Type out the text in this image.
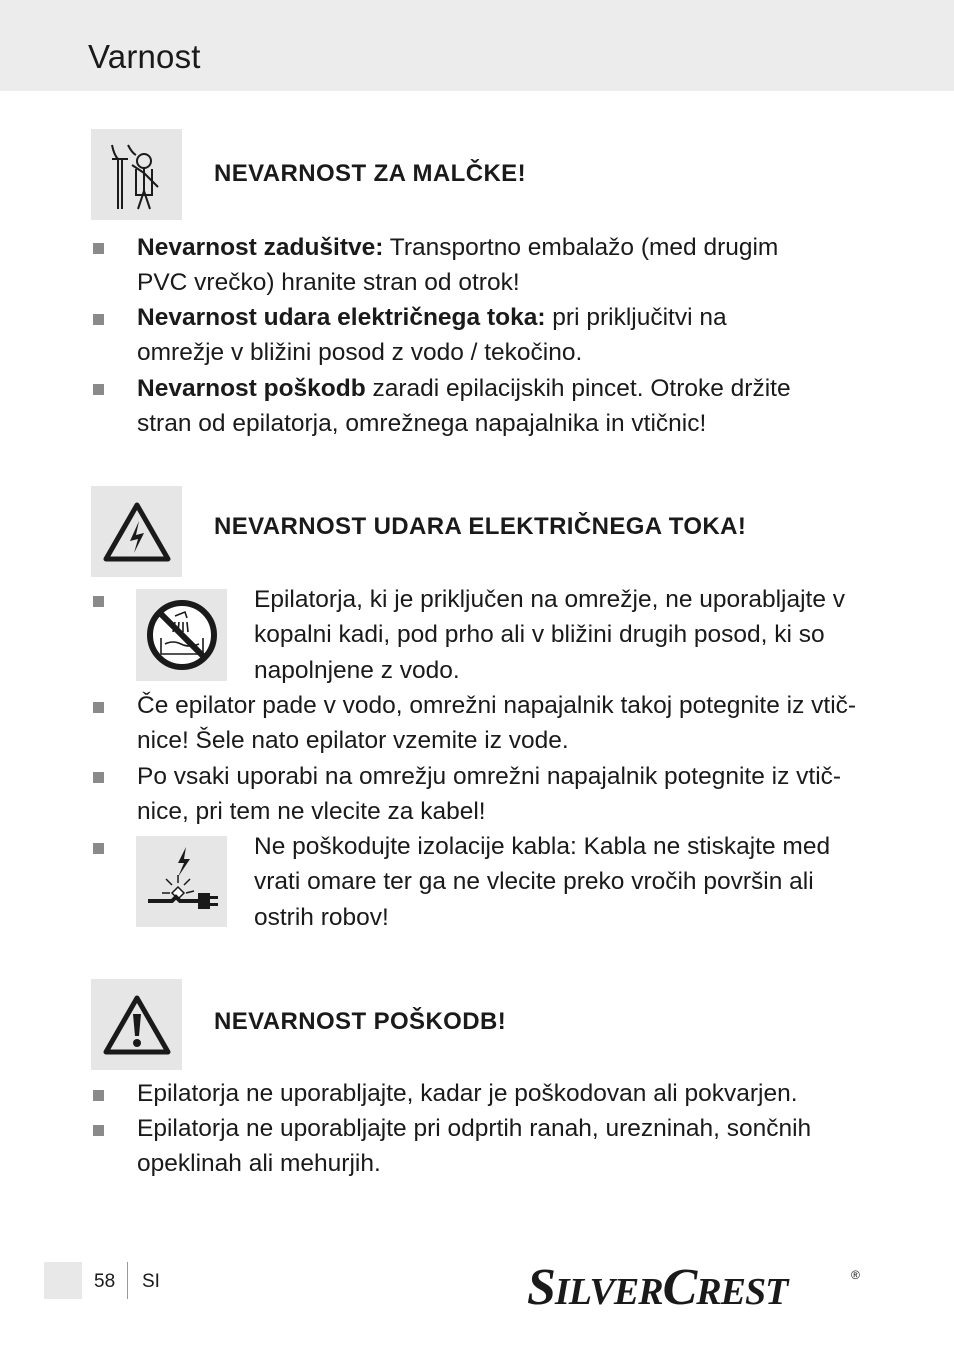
Varnost
NEVARNOST ZA MALČKE!
Nevarnost zadušitve: Transportno embalažo (med drugim
PVC vrečko) hranite stran od otrok!
Nevarnost udara električnega toka: pri priključitvi na
omrežje v bližini posod z vodo / tekočino.
Nevarnost poškodb zaradi epilacijskih pincet. Otroke držite
stran od epilatorja, omrežnega napajalnika in vtičnic!
NEVARNOST UDARA ELEKTRIČNEGA TOKA!
Epilatorja, ki je priključen na omrežje, ne uporabljajte v
kopalni kadi, pod prho ali v bližini drugih posod, ki so
napolnjene z vodo.
Če epilator pade v vodo, omrežni napajalnik takoj potegnite iz vtič-
nice! Šele nato epilator vzemite iz vode.
Po vsaki uporabi na omrežju omrežni napajalnik potegnite iz vtič-
nice, pri tem ne vlecite za kabel!
Ne poškodujte izolacije kabla: Kabla ne stiskajte med
vrati omare ter ga ne vlecite preko vročih površin ali
ostrih robov!
NEVARNOST POŠKODB!
Epilatorja ne uporabljajte, kadar je poškodovan ali pokvarjen.
Epilatorja ne uporabljajte pri odprtih ranah, urezninah, sončnih
opeklinah ali mehurjih.
58 SI	SILVERCREST	®
